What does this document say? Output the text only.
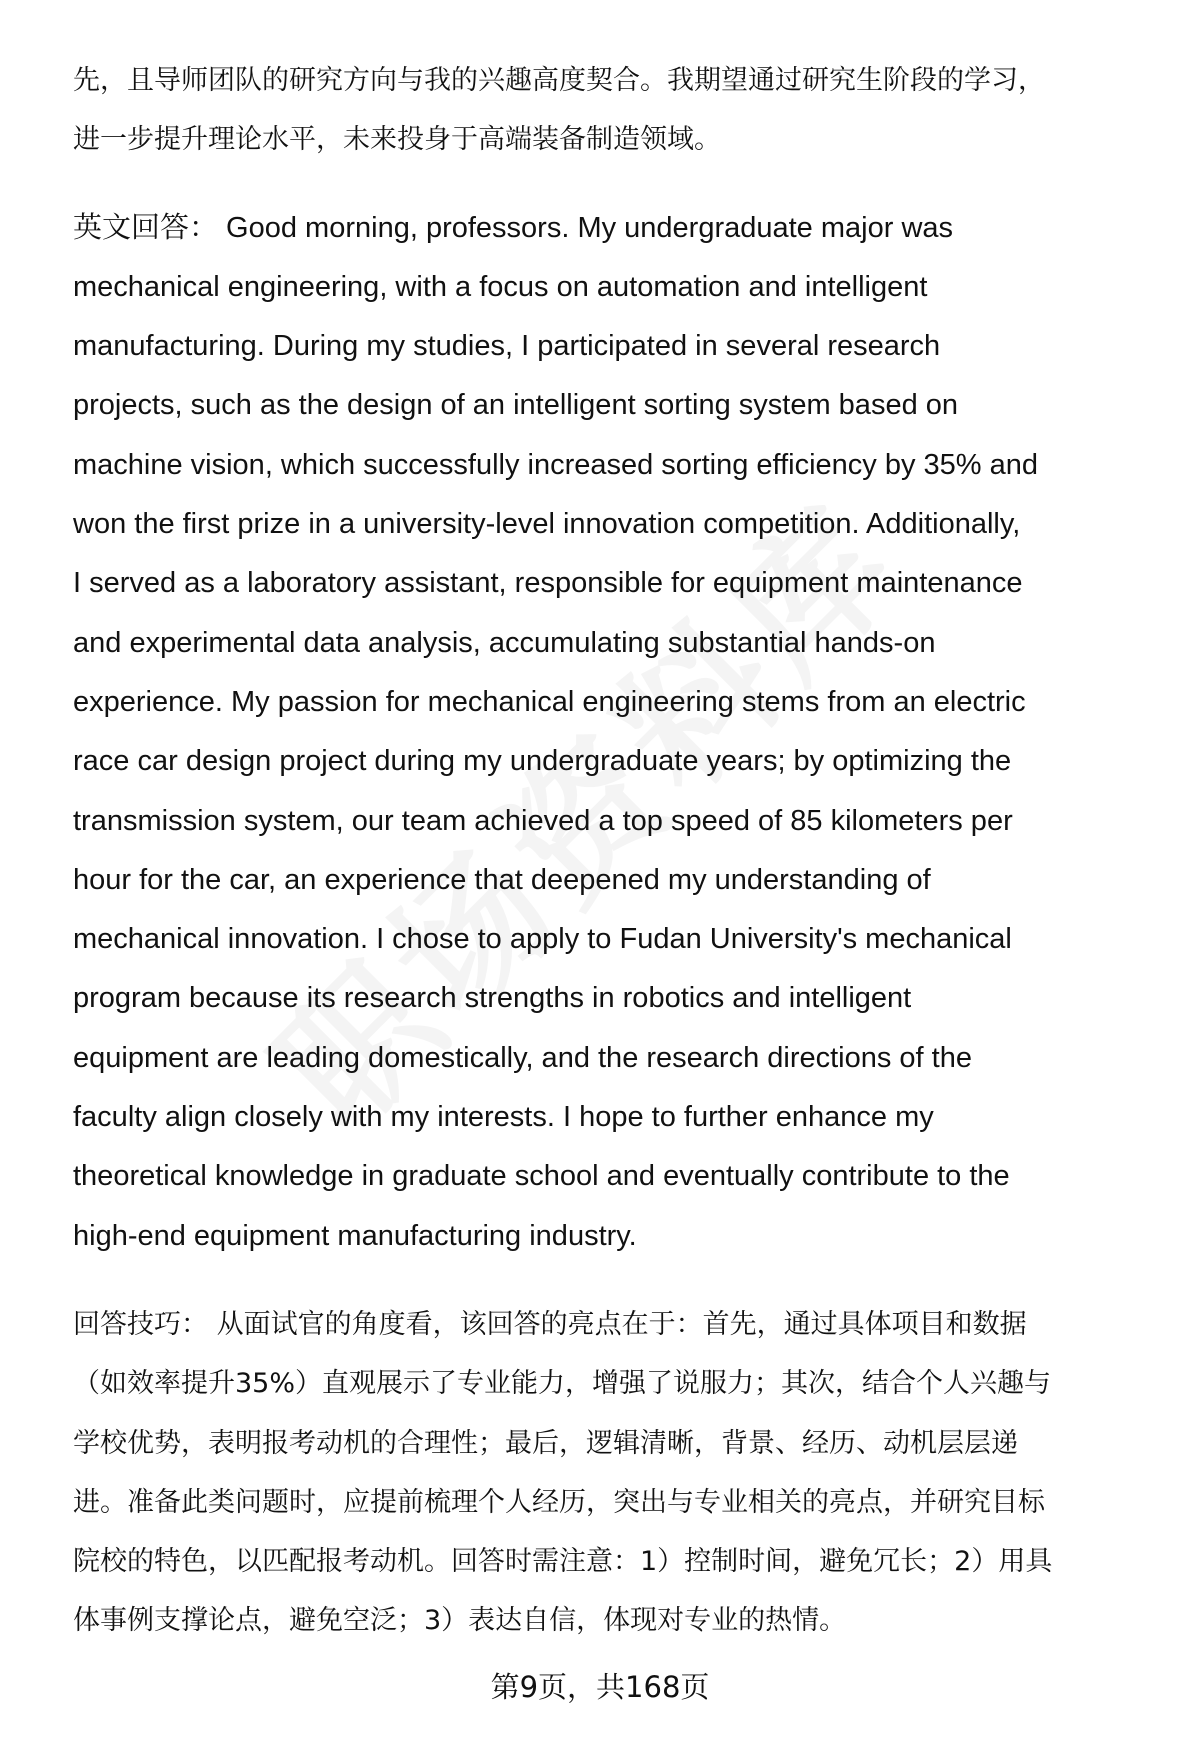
先，且导师团队的研究方向与我的兴趣高度契合。我期望通过研究生阶段的学习，
进一步提升理论水平，未来投身于高端装备制造领域。
英文回答： Good morning, professors. My undergraduate major was
mechanical engineering, with a focus on automation and intelligent
manufacturing. During my studies, I participated in several research
projects, such as the design of an intelligent sorting system based on
machine vision, which successfully increased sorting efficiency by 35% and
won the first prize in a university-level innovation competition. Additionally,
I served as a laboratory assistant, responsible for equipment maintenance
and experimental data analysis, accumulating substantial hands-on
experience. My passion for mechanical engineering stems from an electric
race car design project during my undergraduate years; by optimizing the
transmission system, our team achieved a top speed of 85 kilometers per
hour for the car, an experience that deepened my understanding of
mechanical innovation. I chose to apply to Fudan University's mechanical
program because its research strengths in robotics and intelligent
equipment are leading domestically, and the research directions of the
faculty align closely with my interests. I hope to further enhance my
theoretical knowledge in graduate school and eventually contribute to the
high-end equipment manufacturing industry.
回答技巧： 从面试官的角度看，该回答的亮点在于：首先，通过具体项目和数据
（如效率提升35%）直观展示了专业能力，增强了说服力；其次，结合个人兴趣与
学校优势，表明报考动机的合理性；最后，逻辑清晰，背景、经历、动机层层递
进。准备此类问题时，应提前梳理个人经历，突出与专业相关的亮点，并研究目标
院校的特色，以匹配报考动机。回答时需注意：1）控制时间，避免冗长；2）用具
体事例支撑论点，避免空泛；3）表达自信，体现对专业的热情。
第9页，共168页
